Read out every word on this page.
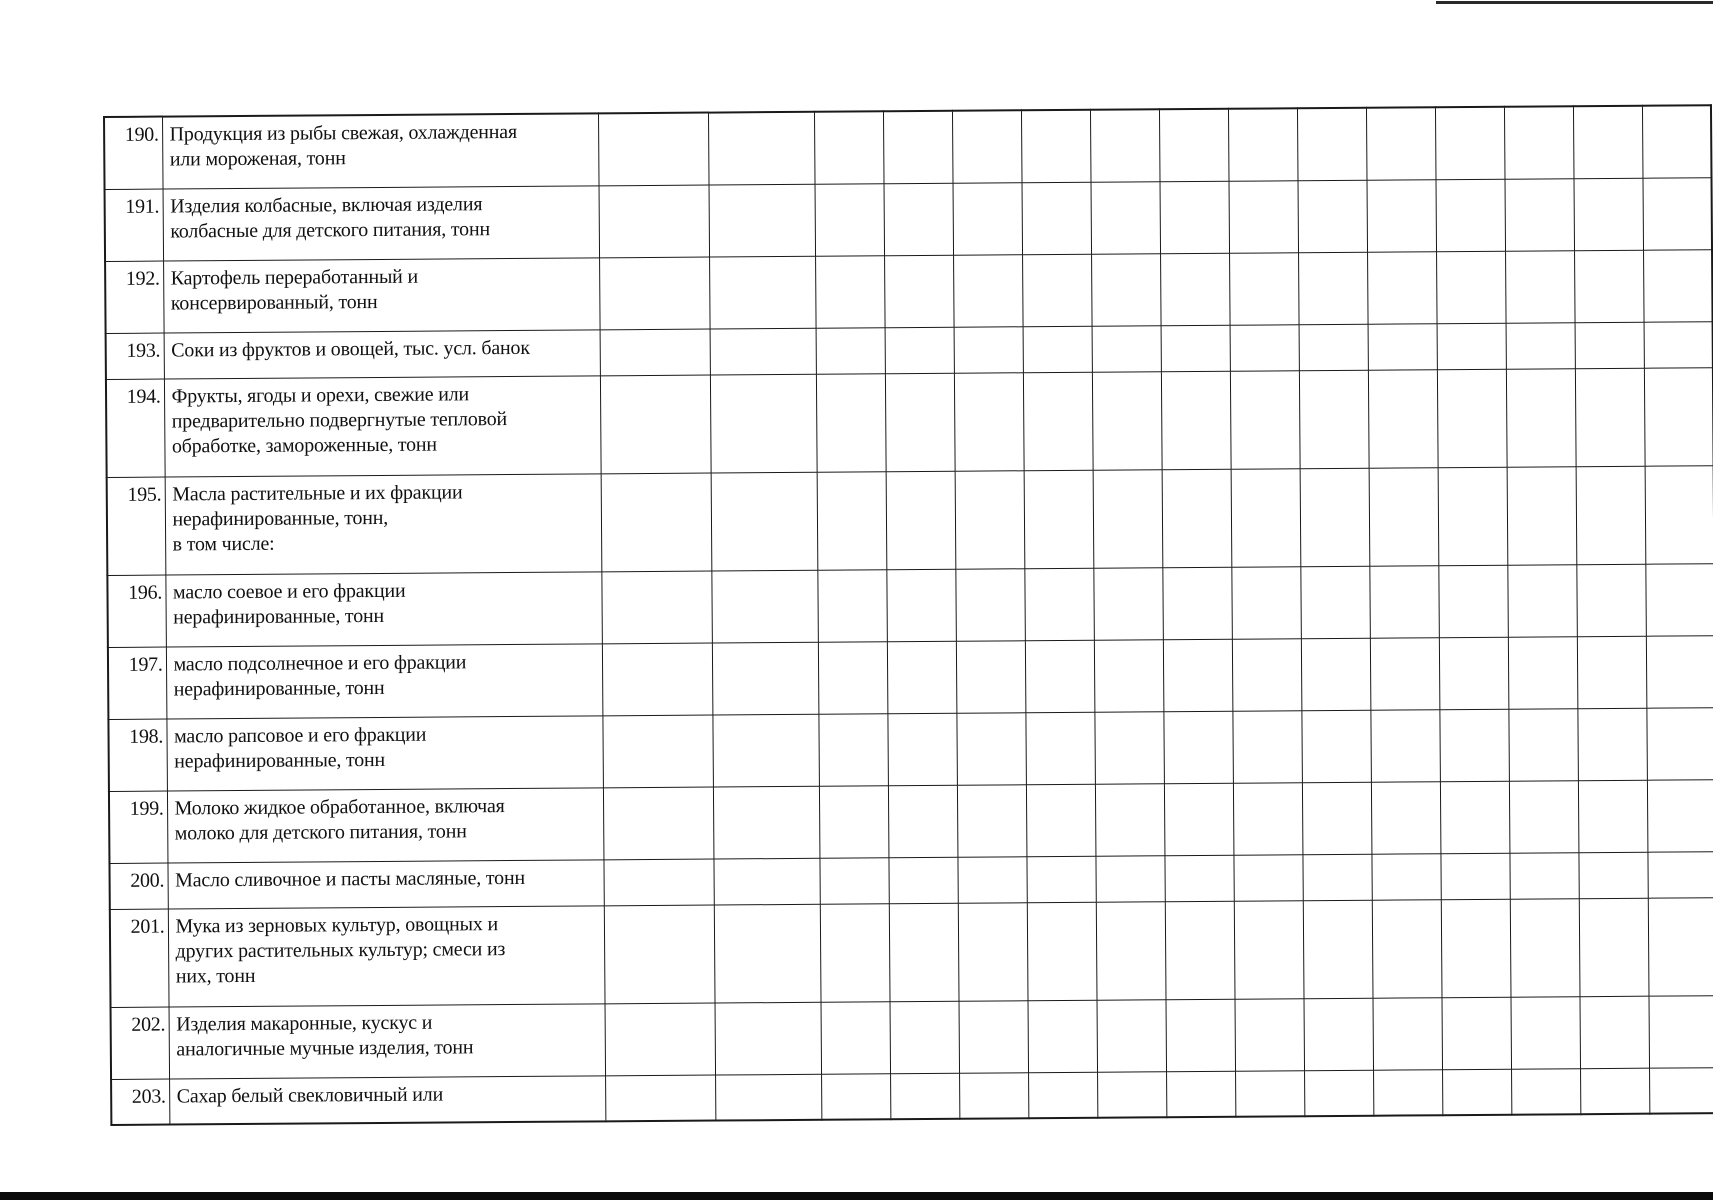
190.	Продукция из рыбы свежая, охлажденная
или мороженая, тонн															
191.	Изделия колбасные, включая изделия
колбасные для детского питания, тонн															
192.	Картофель переработанный и
консервированный, тонн															
193.	Соки из фруктов и овощей, тыс. усл. банок															
194.	Фрукты, ягоды и орехи, свежие или
предварительно подвергнутые тепловой
обработке, замороженные, тонн															
195.	Масла растительные и их фракции
нерафинированные, тонн,
в том числе:															
196.	масло соевое и его фракции
нерафинированные, тонн															
197.	масло подсолнечное и его фракции
нерафинированные, тонн															
198.	масло рапсовое и его фракции
нерафинированные, тонн															
199.	Молоко жидкое обработанное, включая
молоко для детского питания, тонн															
200.	Масло сливочное и пасты масляные, тонн															
201.	Мука из зерновых культур, овощных и
других растительных культур; смеси из
них, тонн															
202.	Изделия макаронные, кускус и
аналогичные мучные изделия, тонн															
203.	Сахар белый свекловичный или															
